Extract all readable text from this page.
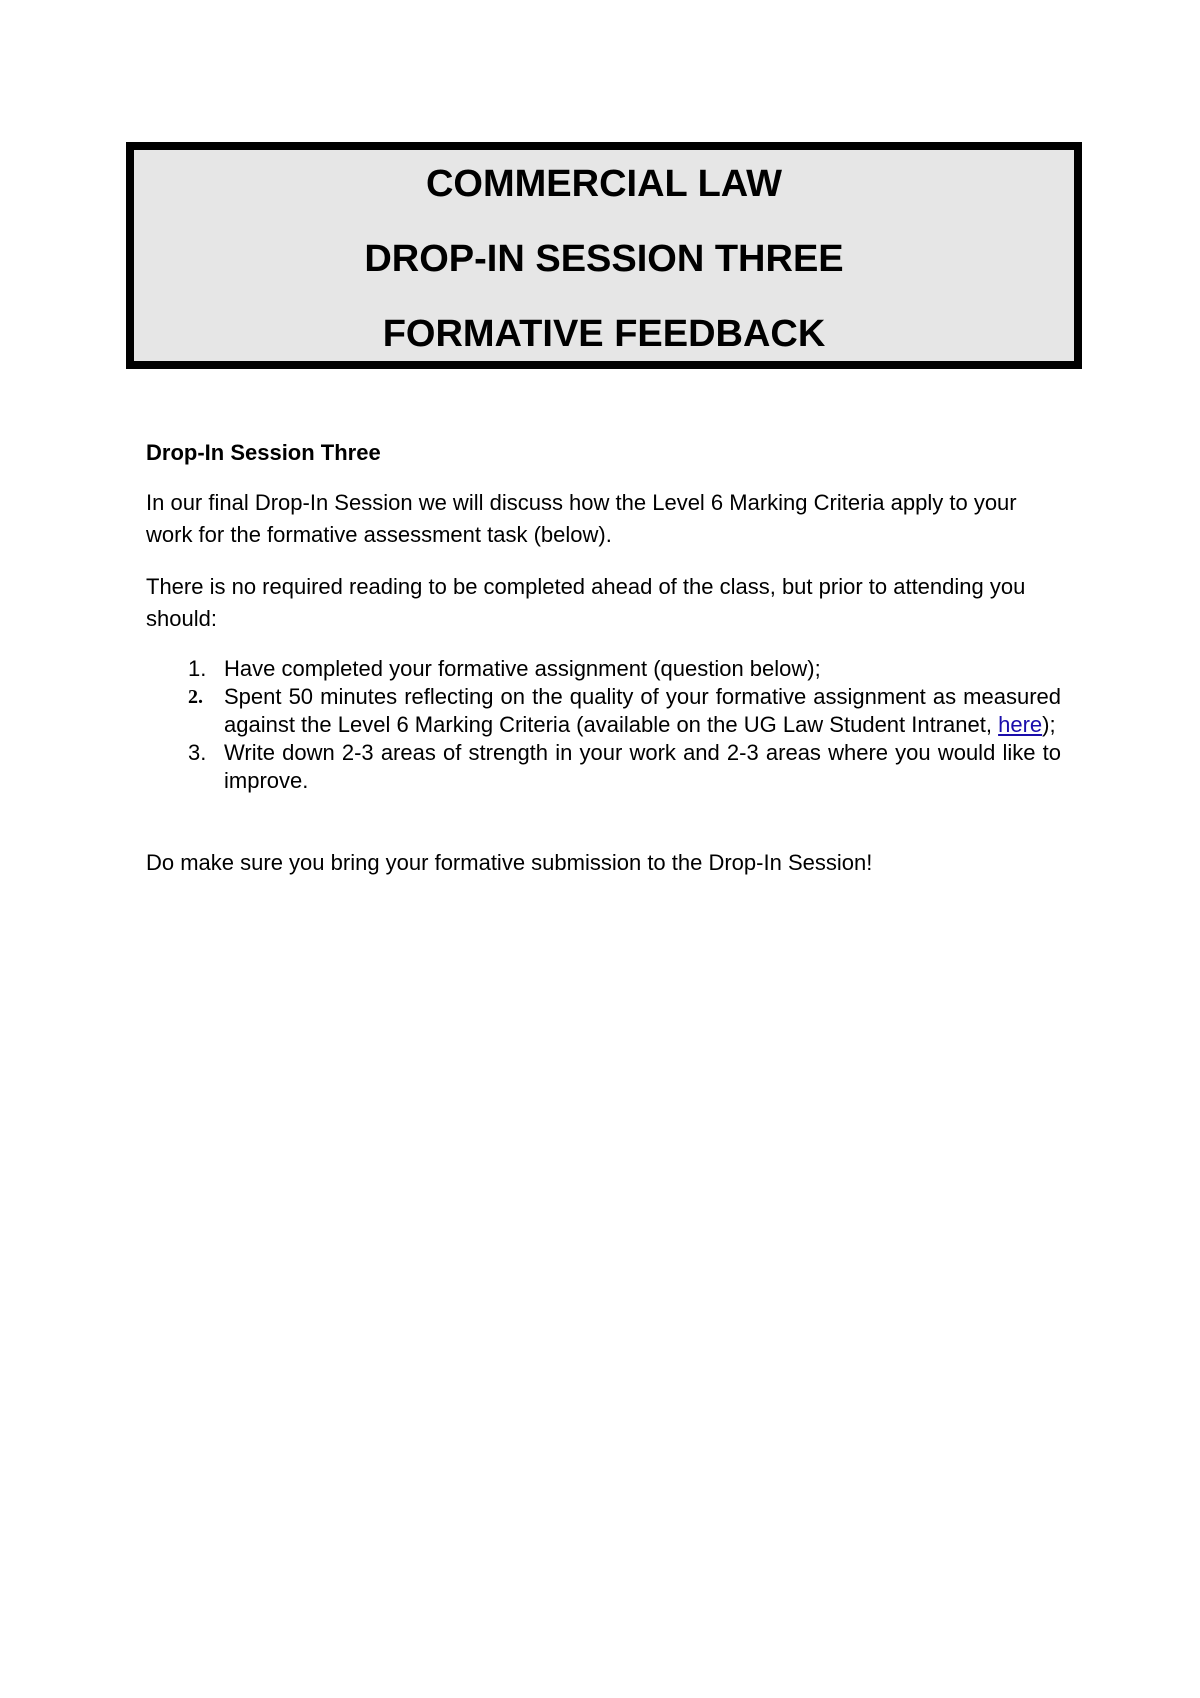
COMMERCIAL LAW
DROP-IN SESSION THREE
FORMATIVE FEEDBACK
Drop-In Session Three

In our final Drop-In Session we will discuss how the Level 6 Marking Criteria apply to your work for the formative assessment task (below).

There is no required reading to be completed ahead of the class, but prior to attending you should:

1. Have completed your formative assignment (question below);
2. Spent 50 minutes reflecting on the quality of your formative assignment as measured against the Level 6 Marking Criteria (available on the UG Law Student Intranet, here);
3. Write down 2-3 areas of strength in your work and 2-3 areas where you would like to improve.

Do make sure you bring your formative submission to the Drop-In Session!
